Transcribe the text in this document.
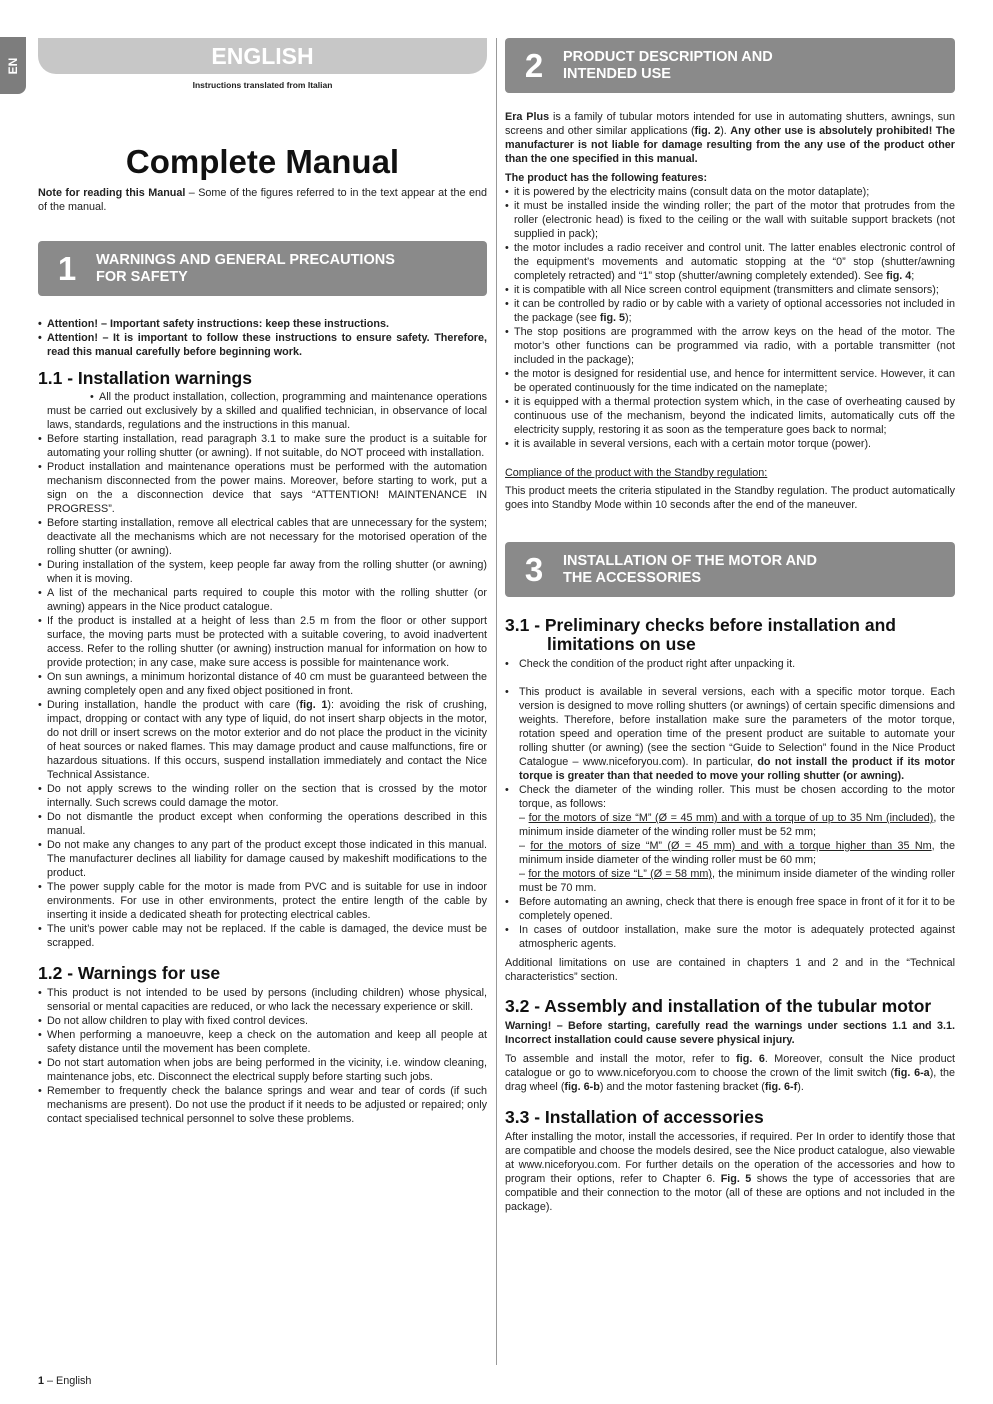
EN	ENGLISH
Instructions translated from Italian
Complete Manual

Note for reading this Manual – Some of the figures referred to in the text appear at the end of the manual.

1	WARNINGS AND GENERAL PRECAUTIONS
FOR SAFETY
• Attention! – Important safety instructions: keep these instructions.
• Attention! – It is important to follow these instructions to ensure safety. Therefore, read this manual carefully before beginning work.
1.1 - Installation warnings
• All the product installation, collection, programming and maintenance operations must be carried out exclusively by a skilled and qualified technician, in observance of local laws, standards, regulations and the instructions in this manual.
• Before starting installation, read paragraph 3.1 to make sure the product is a suitable for automating your rolling shutter (or awning). If not suitable, do NOT proceed with installation.
• Product installation and maintenance operations must be performed with the automation mechanism disconnected from the power mains. Moreover, before starting to work, put a sign on the a disconnection device that says “ATTENTION! MAINTENANCE IN PROGRESS”.
• Before starting installation, remove all electrical cables that are unnecessary for the system; deactivate all the mechanisms which are not necessary for the motorised operation of the rolling shutter (or awning).
• During installation of the system, keep people far away from the rolling shutter (or awning) when it is moving.
• A list of the mechanical parts required to couple this motor with the rolling shutter (or awning) appears in the Nice product catalogue.
• If the product is installed at a height of less than 2.5 m from the floor or other support surface, the moving parts must be protected with a suitable covering, to avoid inadvertent access. Refer to the rolling shutter (or awning) instruction manual for information on how to provide protection; in any case, make sure access is possible for maintenance work.
• On sun awnings, a minimum horizontal distance of 40 cm must be guaranteed between the awning completely open and any fixed object positioned in front.
• During installation, handle the product with care (fig. 1): avoiding the risk of crushing, impact, dropping or contact with any type of liquid, do not insert sharp objects in the motor, do not drill or insert screws on the motor exterior and do not place the product in the vicinity of heat sources or naked flames. This may damage product and cause malfunctions, fire or hazardous situations. If this occurs, suspend installation immediately and contact the Nice Technical Assistance.
• Do not apply screws to the winding roller on the section that is crossed by the motor internally. Such screws could damage the motor.
• Do not dismantle the product except when conforming the operations described in this manual.
• Do not make any changes to any part of the product except those indicated in this manual. The manufacturer declines all liability for damage caused by makeshift modifications to the product.
• The power supply cable for the motor is made from PVC and is suitable for use in indoor environments. For use in other environments, protect the entire length of the cable by inserting it inside a dedicated sheath for protecting electrical cables.
• The unit’s power cable may not be replaced. If the cable is damaged, the device must be scrapped.
1.2 - Warnings for use
• This product is not intended to be used by persons (including children) whose physical, sensorial or mental capacities are reduced, or who lack the necessary experience or skill.
• Do not allow children to play with fixed control devices.
• When performing a manoeuvre, keep a check on the automation and keep all people at safety distance until the movement has been complete.
• Do not start automation when jobs are being performed in the vicinity, i.e. window cleaning, maintenance jobs, etc. Disconnect the electrical supply before starting such jobs.
• Remember to frequently check the balance springs and wear and tear of cords (if such mechanisms are present). Do not use the product if it needs to be adjusted or repaired; only contact specialised technical personnel to solve these problems.
2	PRODUCT DESCRIPTION AND
INTENDED USE

Era Plus is a family of tubular motors intended for use in automating shutters, awnings, sun screens and other similar applications (fig. 2). Any other use is absolutely prohibited! The manufacturer is not liable for damage resulting from the any use of the product other than the one specified in this manual.

The product has the following features:

• it is powered by the electricity mains (consult data on the motor dataplate);
• it must be installed inside the winding roller; the part of the motor that protrudes from the roller (electronic head) is fixed to the ceiling or the wall with suitable support brackets (not supplied in pack);
• the motor includes a radio receiver and control unit. The latter enables electronic control of the equipment’s movements and automatic stopping at the “0” stop (shutter/awning completely retracted) and “1” stop (shutter/awning completely extended). See fig. 4;
• it is compatible with all Nice screen control equipment (transmitters and climate sensors);
• it can be controlled by radio or by cable with a variety of optional accessories not included in the package (see fig. 5);
• The stop positions are programmed with the arrow keys on the head of the motor. The motor’s other functions can be programmed via radio, with a portable transmitter (not included in the package);
• the motor is designed for residential use, and hence for intermittent service. However, it can be operated continuously for the time indicated on the nameplate;
• it is equipped with a thermal protection system which, in the case of overheating caused by continuous use of the mechanism, beyond the indicated limits, automatically cuts off the electricity supply, restoring it as soon as the temperature goes back to normal;
• it is available in several versions, each with a certain motor torque (power).

Compliance of the product with the Standby regulation:

This product meets the criteria stipulated in the Standby regulation. The product automatically goes into Standby Mode within 10 seconds after the end of the maneuver.

3	INSTALLATION OF THE MOTOR AND
THE ACCESSORIES
3.1 - Preliminary checks before installation and
limitations on use
• Check the condition of the product right after unpacking it.
• This product is available in several versions, each with a specific motor torque. Each version is designed to move rolling shutters (or awnings) of certain specific dimensions and weights. Therefore, before installation make sure the parameters of the motor torque, rotation speed and operation time of the present product are suitable to automate your rolling shutter (or awning) (see the section “Guide to Selection” found in the Nice Product Catalogue – www.niceforyou.com). In particular, do not install the product if its motor torque is greater than that needed to move your rolling shutter (or awning).
• Check the diameter of the winding roller. This must be chosen according to the motor torque, as follows:
– for the motors of size “M” (Ø = 45 mm) and with a torque of up to 35 Nm (included), the minimum inside diameter of the winding roller must be 52 mm;
– for the motors of size “M” (Ø = 45 mm) and with a torque higher than 35 Nm, the minimum inside diameter of the winding roller must be 60 mm;
– for the motors of size “L” (Ø = 58 mm), the minimum inside diameter of the winding roller must be 70 mm.
• Before automating an awning, check that there is enough free space in front of it for it to be completely opened.
• In cases of outdoor installation, make sure the motor is adequately protected against atmospheric agents.

Additional limitations on use are contained in chapters 1 and 2 and in the “Technical characteristics” section.

3.2 - Assembly and installation of the tubular motor

Warning! – Before starting, carefully read the warnings under sections 1.1 and 3.1. Incorrect installation could cause severe physical injury.

To assemble and install the motor, refer to fig. 6. Moreover, consult the Nice product catalogue or go to www.niceforyou.com to choose the crown of the limit switch (fig. 6-a), the drag wheel (fig. 6-b) and the motor fastening bracket (fig. 6-f).

3.3 - Installation of accessories

After installing the motor, install the accessories, if required. Per In order to identify those that are compatible and choose the models desired, see the Nice product catalogue, also viewable at www.niceforyou.com. For further details on the operation of the accessories and how to program their options, refer to Chapter 6. Fig. 5 shows the type of accessories that are compatible and their connection to the motor (all of these are options and not included in the package).

1 – English
